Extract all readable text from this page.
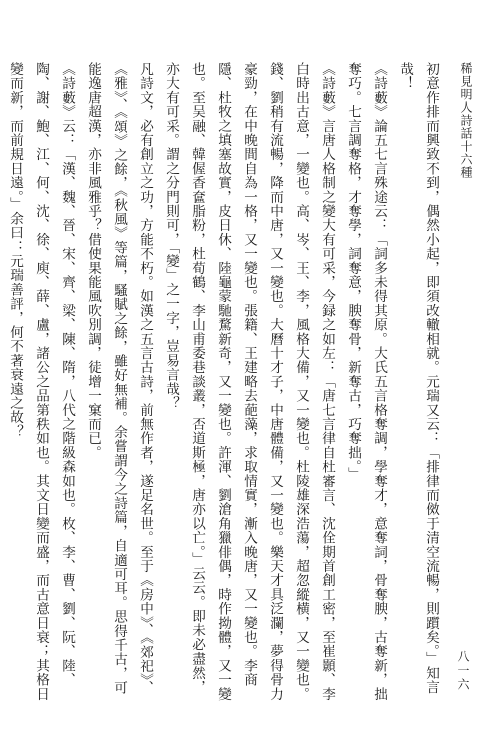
稀見明人詩話十六種

初意作排而興致不到，偶然小起，即須改轍相就。元瑞又云：「排律而傚于清空流暢，則躓矣。」知言哉！

《詩藪》論五七言殊途云：「詞多未得其原。大氏五言格奪調，學奪才，意奪詞，骨奪腴，古奪新，拙奪巧。七言調奪格，才奪學，詞奪意，腴奪骨，新奪古，巧奪拙。」

《詩藪》言唐人格制之變大有可采，今録之如左：「唐七言律自杜審言、沈佺期首創工密，至崔顥、李白時出古意，一變也。高、岑、王、李，風格大備，又一變也。杜陵雄深浩蕩，超忽縱横，又一變也。錢、劉稍有流暢，降而中唐，又一變也。大曆十才子，中唐體備，又一變也。樂天才具泛瀾，夢得骨力豪勁，在中晚間自為一格，又一變也。張籍、王建略去葩藻，求取情實，漸入晚唐，又一變也。李商隱、杜牧之填塞故實，皮日休、陸龜蒙馳騖新奇，又一變也。許渾、劉滄角獵俳偶，時作拗體，又一變也。至吴融、韓偓香奩脂粉，杜荀鶴、李山甫委巷談叢，否道斯極，唐亦以亡。」云云。即未必盡然，亦大有可采。謂之分門則可，「變」之一字，豈易言哉？

凡詩文，必有創立之功，方能不朽。如漢之五言古詩，前無作者，遂足名世。至于《房中》、《郊祀》、《雅》、《頌》之餘，《秋風》等篇，騷賦之餘，雖好無補。余嘗謂今之詩篇，自適可耳。思得千古，可能逸唐超漢，亦非風雅乎？借使果能風吹別調，徒增一窠而已。

《詩藪》云：「漢、魏、晉、宋、齊、梁、陳、隋，八代之階級森如也。枚、李、曹、劉、阮、陸、陶、謝、鮑、江、何、沈、徐、庾、薛、盧，諸公之品第秩如也。其文日變而盛，而古意日衰；其格日變而新，而前規日遠。」余曰：元瑞善評，何不著衰遠之故？

八一六
